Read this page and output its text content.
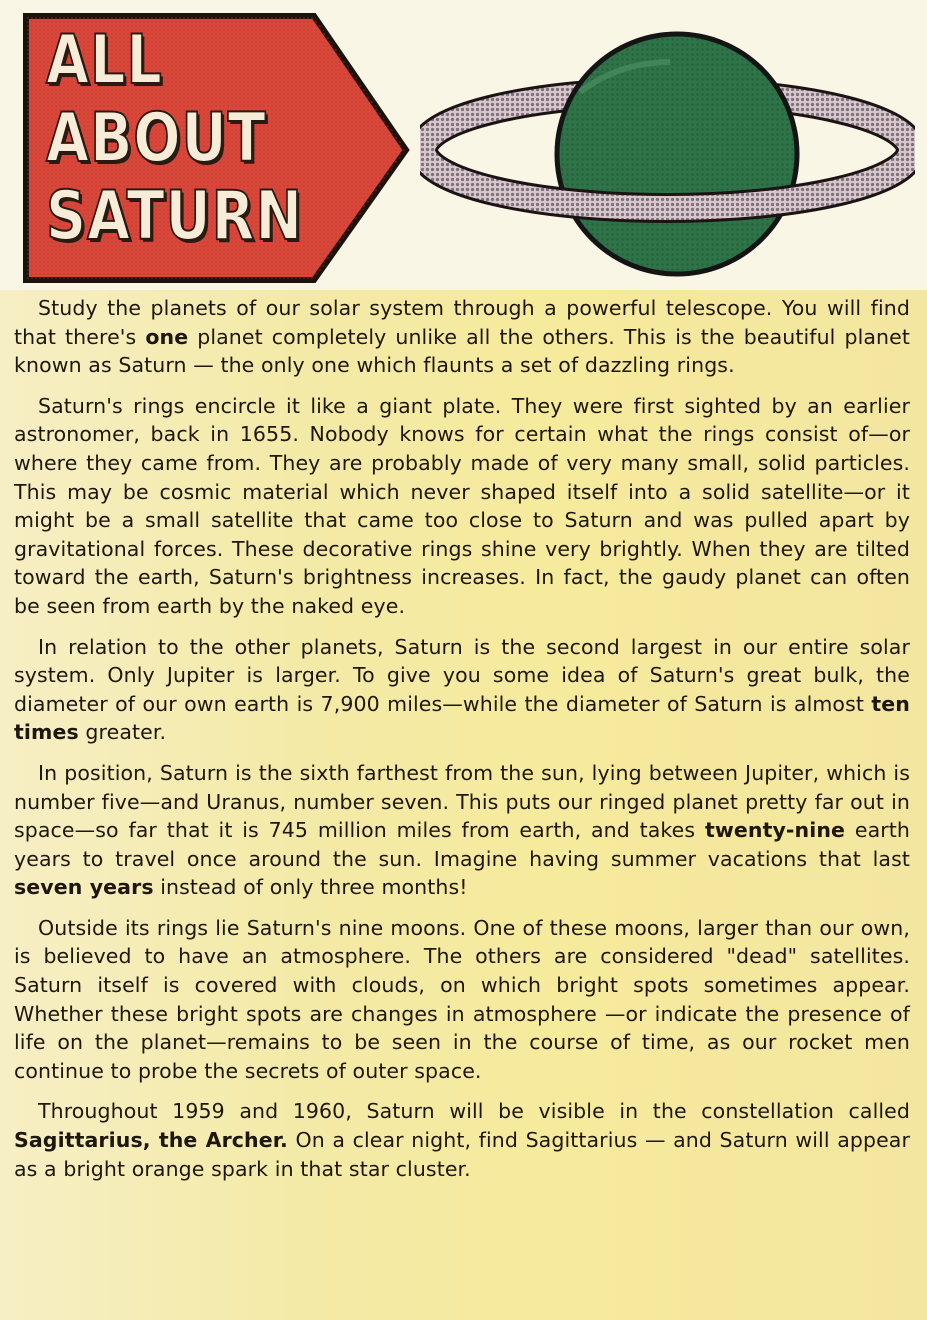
ALL
ABOUT
SATURN

Study the planets of our solar system through a powerful telescope. You will find that there's one planet completely unlike all the others. This is the beautiful planet known as Saturn — the only one which flaunts a set of dazzling rings.

Saturn's rings encircle it like a giant plate. They were first sighted by an earlier astronomer, back in 1655. Nobody knows for certain what the rings consist of—or where they came from. They are probably made of very many small, solid particles. This may be cosmic material which never shaped itself into a solid satellite—or it might be a small satellite that came too close to Saturn and was pulled apart by gravitational forces. These decorative rings shine very brightly. When they are tilted toward the earth, Saturn's brightness increases. In fact, the gaudy planet can often be seen from earth by the naked eye.

In relation to the other planets, Saturn is the second largest in our entire solar system. Only Jupiter is larger. To give you some idea of Saturn's great bulk, the diameter of our own earth is 7,900 miles—while the diameter of Saturn is almost ten times greater.

In position, Saturn is the sixth farthest from the sun, lying between Jupiter, which is number five—and Uranus, number seven. This puts our ringed planet pretty far out in space—so far that it is 745 million miles from earth, and takes twenty-nine earth years to travel once around the sun. Imagine having summer vacations that last seven years instead of only three months!

Outside its rings lie Saturn's nine moons. One of these moons, larger than our own, is believed to have an atmosphere. The others are considered "dead" satellites. Saturn itself is covered with clouds, on which bright spots sometimes appear. Whether these bright spots are changes in atmosphere —or indicate the presence of life on the planet—remains to be seen in the course of time, as our rocket men continue to probe the secrets of outer space.

Throughout 1959 and 1960, Saturn will be visible in the constellation called Sagittarius, the Archer. On a clear night, find Sagittarius — and Saturn will appear as a bright orange spark in that star cluster.
